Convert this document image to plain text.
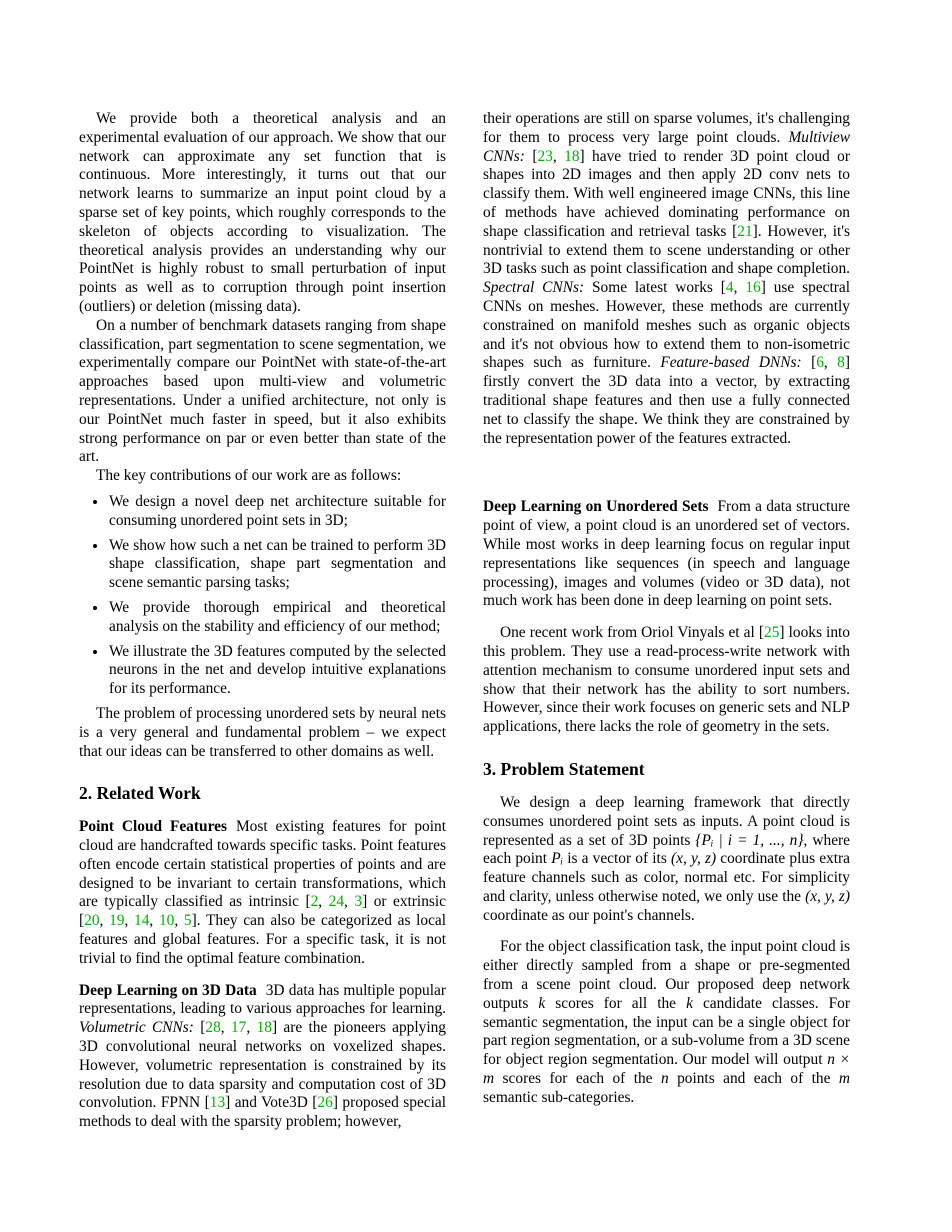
We provide both a theoretical analysis and an experimental evaluation of our approach. We show that our network can approximate any set function that is continuous. More interestingly, it turns out that our network learns to summarize an input point cloud by a sparse set of key points, which roughly corresponds to the skeleton of objects according to visualization. The theoretical analysis provides an understanding why our PointNet is highly robust to small perturbation of input points as well as to corruption through point insertion (outliers) or deletion (missing data).

On a number of benchmark datasets ranging from shape classification, part segmentation to scene segmentation, we experimentally compare our PointNet with state-of-the-art approaches based upon multi-view and volumetric representations. Under a unified architecture, not only is our PointNet much faster in speed, but it also exhibits strong performance on par or even better than state of the art.

The key contributions of our work are as follows:

• We design a novel deep net architecture suitable for consuming unordered point sets in 3D;
• We show how such a net can be trained to perform 3D shape classification, shape part segmentation and scene semantic parsing tasks;
• We provide thorough empirical and theoretical analysis on the stability and efficiency of our method;
• We illustrate the 3D features computed by the selected neurons in the net and develop intuitive explanations for its performance.

The problem of processing unordered sets by neural nets is a very general and fundamental problem – we expect that our ideas can be transferred to other domains as well.

2. Related Work

Point Cloud Features Most existing features for point cloud are handcrafted towards specific tasks. Point features often encode certain statistical properties of points and are designed to be invariant to certain transformations, which are typically classified as intrinsic [2, 24, 3] or extrinsic [20, 19, 14, 10, 5]. They can also be categorized as local features and global features. For a specific task, it is not trivial to find the optimal feature combination.

Deep Learning on 3D Data 3D data has multiple popular representations, leading to various approaches for learning. Volumetric CNNs: [28, 17, 18] are the pioneers applying 3D convolutional neural networks on voxelized shapes. However, volumetric representation is constrained by its resolution due to data sparsity and computation cost of 3D convolution. FPNN [13] and Vote3D [26] proposed special methods to deal with the sparsity problem; however,

their operations are still on sparse volumes, it's challenging for them to process very large point clouds. Multiview CNNs: [23, 18] have tried to render 3D point cloud or shapes into 2D images and then apply 2D conv nets to classify them. With well engineered image CNNs, this line of methods have achieved dominating performance on shape classification and retrieval tasks [21]. However, it's nontrivial to extend them to scene understanding or other 3D tasks such as point classification and shape completion. Spectral CNNs: Some latest works [4, 16] use spectral CNNs on meshes. However, these methods are currently constrained on manifold meshes such as organic objects and it's not obvious how to extend them to non-isometric shapes such as furniture. Feature-based DNNs: [6, 8] firstly convert the 3D data into a vector, by extracting traditional shape features and then use a fully connected net to classify the shape. We think they are constrained by the representation power of the features extracted.

Deep Learning on Unordered Sets From a data structure point of view, a point cloud is an unordered set of vectors. While most works in deep learning focus on regular input representations like sequences (in speech and language processing), images and volumes (video or 3D data), not much work has been done in deep learning on point sets.

One recent work from Oriol Vinyals et al [25] looks into this problem. They use a read-process-write network with attention mechanism to consume unordered input sets and show that their network has the ability to sort numbers. However, since their work focuses on generic sets and NLP applications, there lacks the role of geometry in the sets.

3. Problem Statement

We design a deep learning framework that directly consumes unordered point sets as inputs. A point cloud is represented as a set of 3D points {Pᵢ | i = 1, ..., n}, where each point Pᵢ is a vector of its (x, y, z) coordinate plus extra feature channels such as color, normal etc. For simplicity and clarity, unless otherwise noted, we only use the (x, y, z) coordinate as our point's channels.

For the object classification task, the input point cloud is either directly sampled from a shape or pre-segmented from a scene point cloud. Our proposed deep network outputs k scores for all the k candidate classes. For semantic segmentation, the input can be a single object for part region segmentation, or a sub-volume from a 3D scene for object region segmentation. Our model will output n × m scores for each of the n points and each of the m semantic sub-categories.
